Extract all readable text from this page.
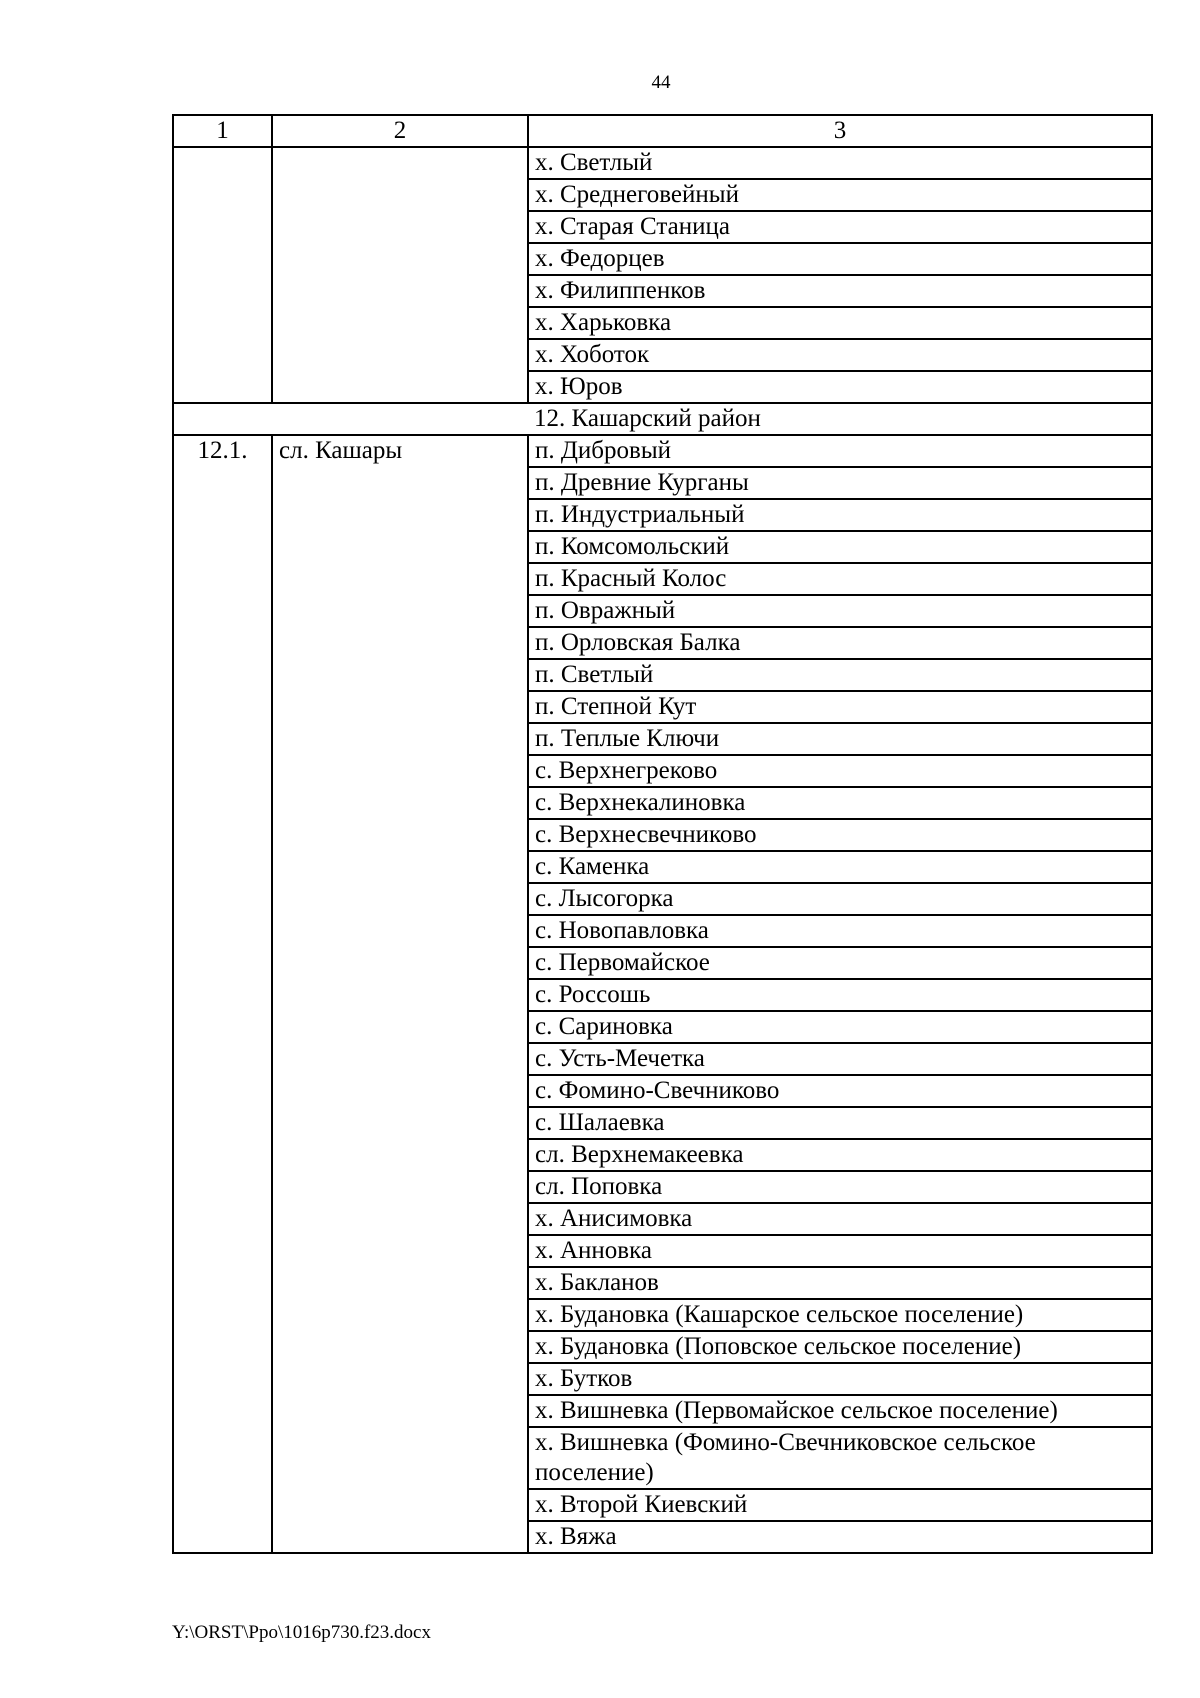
44
1	2	3
		х. Светлый
		х. Среднеговейный
		х. Старая Станица
		х. Федорцев
		х. Филиппенков
		х. Харьковка
		х. Хоботок
		х. Юров
		12. Кашарский район
12.1.	сл. Кашары	п. Дибровый
		п. Древние Курганы
		п. Индустриальный
		п. Комсомольский
		п. Красный Колос
		п. Овражный
		п. Орловская Балка
		п. Светлый
		п. Степной Кут
		п. Теплые Ключи
		с. Верхнегреково
		с. Верхнекалиновка
		с. Верхнесвечниково
		с. Каменка
		с. Лысогорка
		с. Новопавловка
		с. Первомайское
		с. Россошь
		с. Сариновка
		с. Усть-Мечетка
		с. Фомино-Свечниково
		с. Шалаевка
		сл. Верхнемакеевка
		сл. Поповка
		х. Анисимовка
		х. Анновка
		х. Бакланов
		х. Будановка (Кашарское сельское поселение)
		х. Будановка (Поповское сельское поселение)
		х. Бутков
		х. Вишневка (Первомайское сельское поселение)
		х. Вишневка (Фомино-Свечниковское сельское поселение)
		х. Второй Киевский
		х. Вяжа
Y:\ORST\Ppo\1016p730.f23.docx
